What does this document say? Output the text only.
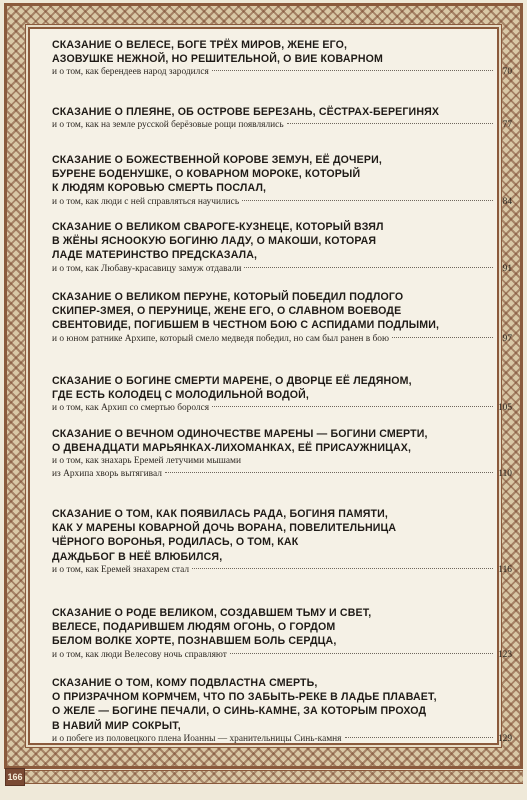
166
СКАЗАНИЕ О ВЕЛЕСЕ, БОГЕ ТРЁХ МИРОВ, ЖЕНЕ ЕГО,
АЗОВУШКЕ НЕЖНОЙ, НО РЕШИТЕЛЬНОЙ, О ВИЕ КОВАРНОМ
и о том, как берендеев народ зародился	70
СКАЗАНИЕ О ПЛЕЯНЕ, ОБ ОСТРОВЕ БЕРЕЗАНЬ, СЁСТРАХ-БЕРЕГИНЯХ
и о том, как на земле русской берёзовые рощи появлялись	77
СКАЗАНИЕ О БОЖЕСТВЕННОЙ КОРОВЕ ЗЕМУН, ЕЁ ДОЧЕРИ,
БУРЕНЕ БОДЕНУШКЕ, О КОВАРНОМ МОРОКЕ, КОТОРЫЙ
К ЛЮДЯМ КОРОВЬЮ СМЕРТЬ ПОСЛАЛ,
и о том, как люди с ней справляться научились	84
СКАЗАНИЕ О ВЕЛИКОМ СВАРОГЕ-КУЗНЕЦЕ, КОТОРЫЙ ВЗЯЛ
В ЖЁНЫ ЯСНООКУЮ БОГИНЮ ЛАДУ, О МАКОШИ, КОТОРАЯ
ЛАДЕ МАТЕРИНСТВО ПРЕДСКАЗАЛА,
и о том, как Любаву-красавицу замуж отдавали	91
СКАЗАНИЕ О ВЕЛИКОМ ПЕРУНЕ, КОТОРЫЙ ПОБЕДИЛ ПОДЛОГО
СКИПЕР-ЗМЕЯ, О ПЕРУНИЦЕ, ЖЕНЕ ЕГО, О СЛАВНОМ ВОЕВОДЕ
СВЕНТОВИДЕ, ПОГИБШЕМ В ЧЕСТНОМ БОЮ С АСПИДАМИ ПОДЛЫМИ,
и о юном ратнике Архипе, который смело медведя победил, но сам был ранен в бою	97
СКАЗАНИЕ О БОГИНЕ СМЕРТИ МАРЕНЕ, О ДВОРЦЕ ЕЁ ЛЕДЯНОМ,
ГДЕ ЕСТЬ КОЛОДЕЦ С МОЛОДИЛЬНОЙ ВОДОЙ,
и о том, как Архип со смертью боролся	105
СКАЗАНИЕ О ВЕЧНОМ ОДИНОЧЕСТВЕ МАРЕНЫ — БОГИНИ СМЕРТИ,
О ДВЕНАДЦАТИ МАРЬЯНКАХ-ЛИХОМАНКАХ, ЕЁ ПРИСАУЖНИЦАХ,
и о том, как знахарь Еремей летучими мышами
из Архипа хворь вытягивал	110
СКАЗАНИЕ О ТОМ, КАК ПОЯВИЛАСЬ РАДА, БОГИНЯ ПАМЯТИ,
КАК У МАРЕНЫ КОВАРНОЙ ДОЧЬ ВОРАНА, ПОВЕЛИТЕЛЬНИЦА
ЧЁРНОГО ВОРОНЬЯ, РОДИЛАСЬ, О ТОМ, КАК
ДАЖДЬБОГ В НЕЁ ВЛЮБИЛСЯ,
и о том, как Еремей знахарем стал	116
СКАЗАНИЕ О РОДЕ ВЕЛИКОМ, СОЗДАВШЕМ ТЬМУ И СВЕТ,
ВЕЛЕСЕ, ПОДАРИВШЕМ ЛЮДЯМ ОГОНЬ, О ГОРДОМ
БЕЛОМ ВОЛКЕ ХОРТЕ, ПОЗНАВШЕМ БОЛЬ СЕРДЦА,
и о том, как люди Велесову ночь справляют	123
СКАЗАНИЕ О ТОМ, КОМУ ПОДВЛАСТНА СМЕРТЬ,
О ПРИЗРАЧНОМ КОРМЧЕМ, ЧТО ПО ЗАБЫТЬ-РЕКЕ В ЛАДЬЕ ПЛАВАЕТ,
О ЖЕЛЕ — БОГИНЕ ПЕЧАЛИ, О СИНЬ-КАМНЕ, ЗА КОТОРЫМ ПРОХОД
В НАВИЙ МИР СОКРЫТ,
и о побеге из половецкого плена Иоанны — хранительницы Синь-камня	129
